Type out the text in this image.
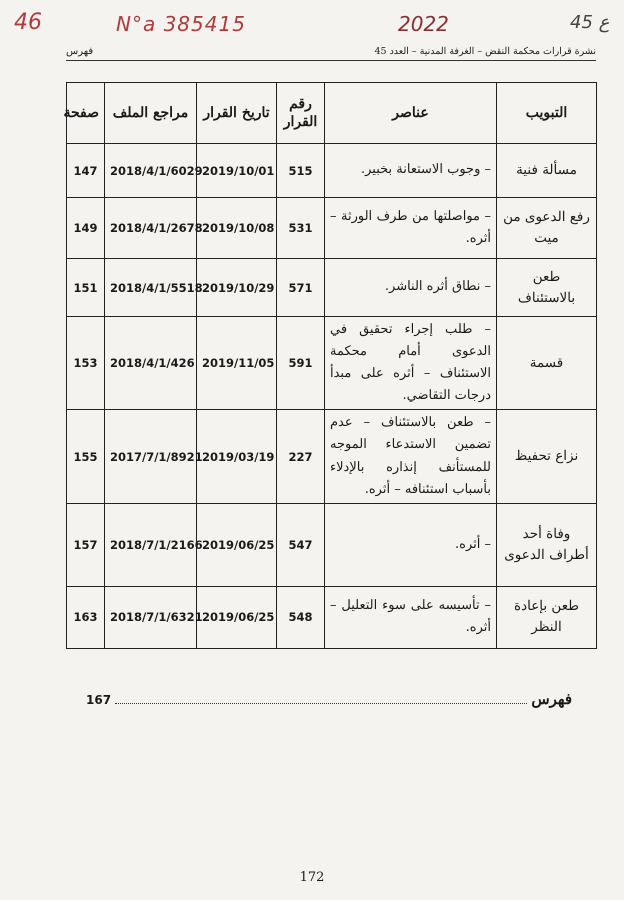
46	N°a 385415	2022	45 ع
نشرة قرارات محكمة النقض – الغرفة المدنية – العدد 45
فهرس
التبويب	عناصر	رقم القرار	تاريخ القرار	مراجع الملف	صفحة
مسألة فنية	– وجوب الاستعانة بخبير.	515	2019/10/01	2018/4/1/6029	147
رفع الدعوى من ميت	– مواصلتها من طرف الورثة – أثره.	531	2019/10/08	2018/4/1/2678	149
طعن بالاستئناف	– نطاق أثره الناشر.	571	2019/10/29	2018/4/1/5518	151
قسمة	– طلب إجراء تحقيق في الدعوى أمام محكمة الاستئناف – أثره على مبدأ درجات التقاضي.	591	2019/11/05	2018/4/1/426	153
نزاع تحفيظ	– طعن بالاستئناف – عدم تضمين الاستدعاء الموجه للمستأنف إنذاره بالإدلاء بأسباب استئنافه – أثره.	227	2019/03/19	2017/7/1/8921	155
وفاة أحد أطراف الدعوى	– أثره.	547	2019/06/25	2018/7/1/2166	157
طعن بإعادة النظر	– تأسيسه على سوء التعليل – أثره.	548	2019/06/25	2018/7/1/6321	163
فهرس
167
172
